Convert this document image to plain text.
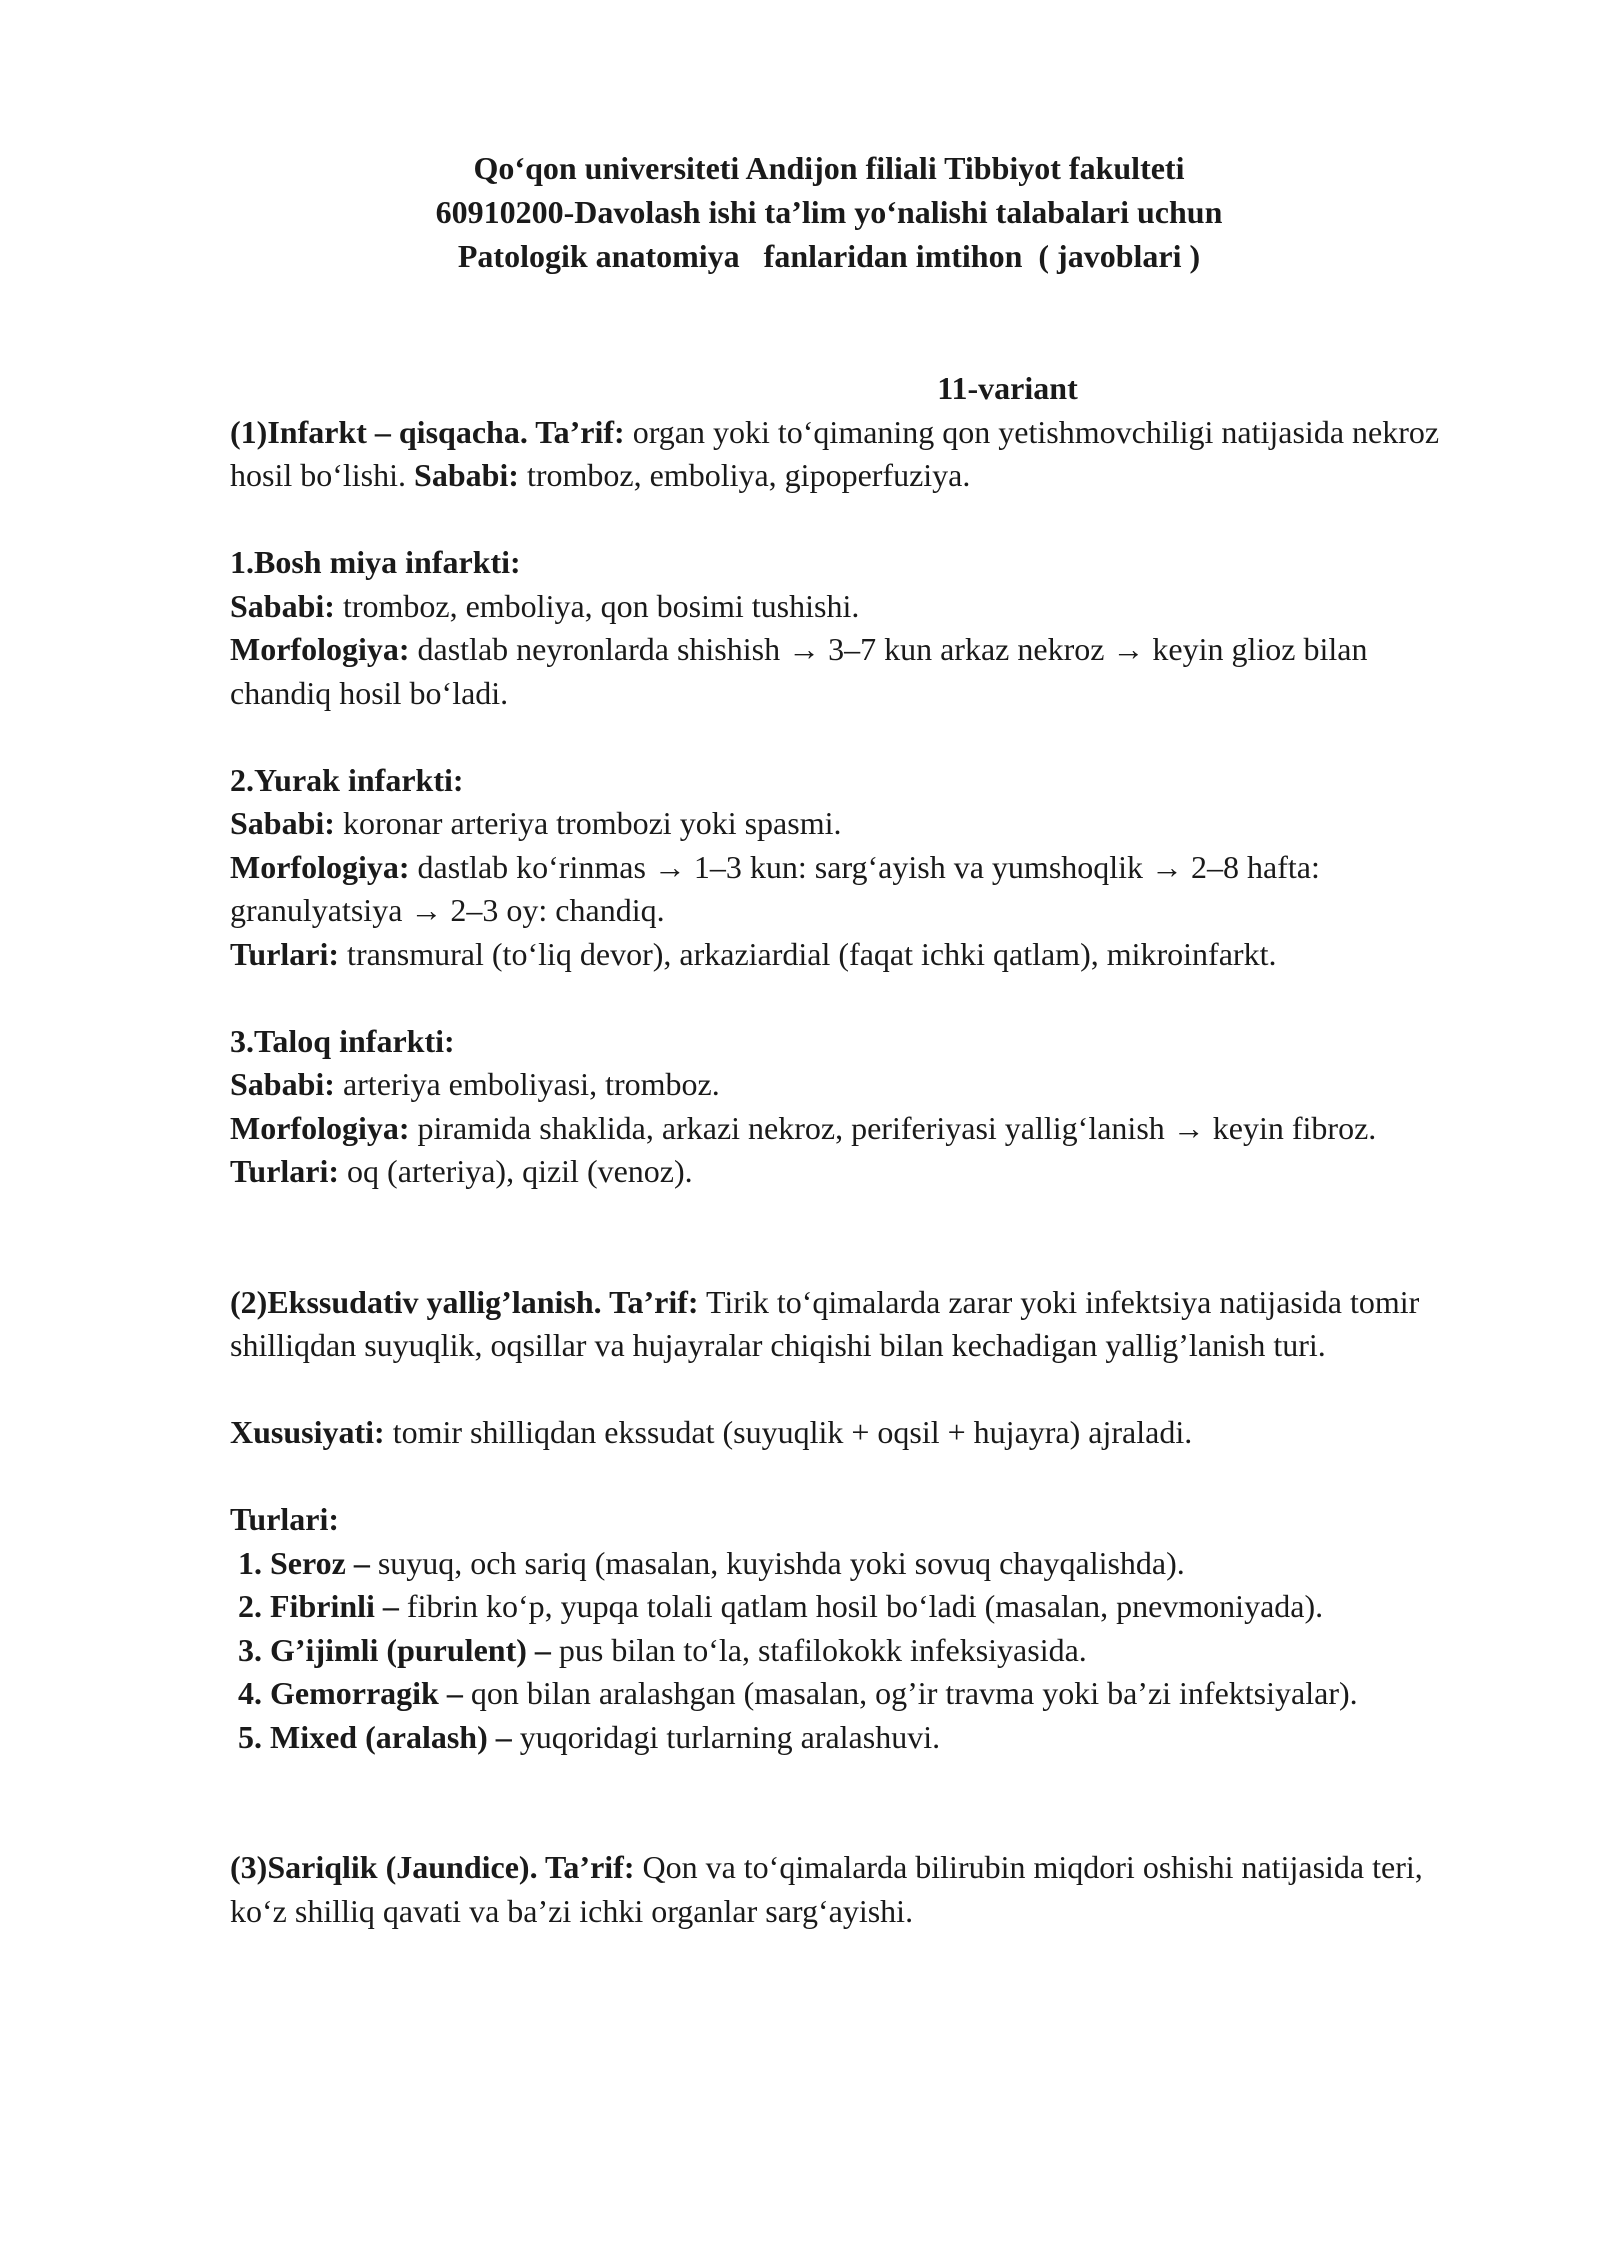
Qo‘qon universiteti Andijon filiali Tibbiyot fakulteti
60910200-Davolash ishi ta’lim yo‘nalishi talabalari uchun
Patologik anatomiya   fanlaridan imtihon  ( javoblari )
11-variant

(1)Infarkt – qisqacha. Ta’rif: organ yoki to‘qimaning qon yetishmovchiligi natijasida nekroz hosil bo‘lishi. Sababi: tromboz, emboliya, gipoperfuziya.

1.Bosh miya infarkti:

Sababi: tromboz, emboliya, qon bosimi tushishi.

Morfologiya: dastlab neyronlarda shishish → 3–7 kun arkaz nekroz → keyin glioz bilan chandiq hosil bo‘ladi.

2.Yurak infarkti:

Sababi: koronar arteriya trombozi yoki spasmi.

Morfologiya: dastlab ko‘rinmas → 1–3 kun: sarg‘ayish va yumshoqlik → 2–8 hafta: granulyatsiya → 2–3 oy: chandiq.

Turlari: transmural (to‘liq devor), arkaziardial (faqat ichki qatlam), mikroinfarkt.

3.Taloq infarkti:

Sababi: arteriya emboliyasi, tromboz.

Morfologiya: piramida shaklida, arkazi nekroz, periferiyasi yallig‘lanish → keyin fibroz.

Turlari: oq (arteriya), qizil (venoz).

(2)Ekssudativ yallig’lanish. Ta’rif: Tirik to‘qimalarda zarar yoki infektsiya natijasida tomir shilliqdan suyuqlik, oqsillar va hujayralar chiqishi bilan kechadigan yallig’lanish turi.

Xususiyati: tomir shilliqdan ekssudat (suyuqlik + oqsil + hujayra) ajraladi.

Turlari:

1. Seroz – suyuq, och sariq (masalan, kuyishda yoki sovuq chayqalishda).

2. Fibrinli – fibrin ko‘p, yupqa tolali qatlam hosil bo‘ladi (masalan, pnevmoniyada).

3. G’ijimli (purulent) – pus bilan to‘la, stafilokokk infeksiyasida.

4. Gemorragik – qon bilan aralashgan (masalan, og’ir travma yoki ba’zi infektsiyalar).

5. Mixed (aralash) – yuqoridagi turlarning aralashuvi.

(3)Sariqlik (Jaundice). Ta’rif: Qon va to‘qimalarda bilirubin miqdori oshishi natijasida teri, ko‘z shilliq qavati va ba’zi ichki organlar sarg‘ayishi.
